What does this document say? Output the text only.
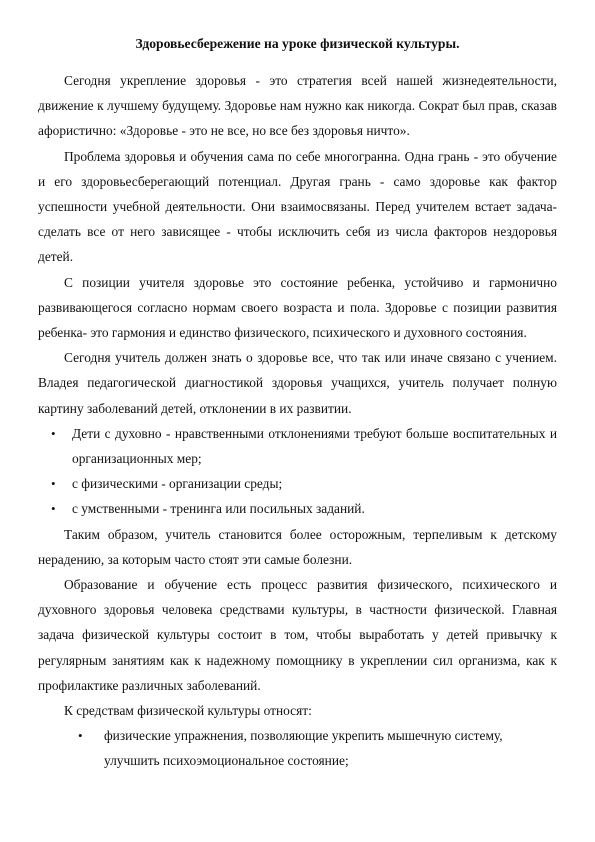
Здоровьесбережение на уроке физической культуры.

Сегодня укрепление здоровья - это стратегия всей нашей жизнедеятельности, движение к лучшему будущему. Здоровье нам нужно как никогда. Сократ был прав, сказав афористично: «Здоровье - это не все, но все без здоровья ничто».

Проблема здоровья и обучения сама по себе многогранна. Одна грань - это обучение и его здоровьесберегающий потенциал. Другая грань - само здоровье как фактор успешности учебной деятельности. Они взаимосвязаны. Перед учителем встает задача-сделать все от него зависящее - чтобы исключить себя из числа факторов нездоровья детей.

С позиции учителя здоровье это состояние ребенка, устойчиво и гармонично развивающегося согласно нормам своего возраста и пола. Здоровье с позиции развития ребенка- это гармония и единство физического, психического и духовного состояния.

Сегодня учитель должен знать о здоровье все, что так или иначе связано с учением. Владея педагогической диагностикой здоровья учащихся, учитель получает полную картину заболеваний детей, отклонении в их развитии.

• Дети с духовно - нравственными отклонениями требуют больше воспитательных и организационных мер;
• с физическими - организации среды;
• с умственными - тренинга или посильных заданий.

Таким образом, учитель становится более осторожным, терпеливым к детскому нерадению, за которым часто стоят эти самые болезни.

Образование и обучение есть процесс развития физического, психического и духовного здоровья человека средствами культуры, в частности физической. Главная задача физической культуры состоит в том, чтобы выработать у детей привычку к регулярным занятиям как к надежному помощнику в укреплении сил организма, как к профилактике различных заболеваний.

К средствам физической культуры относят:

• физические упражнения, позволяющие укрепить мышечную систему, улучшить психоэмоциональное состояние;
